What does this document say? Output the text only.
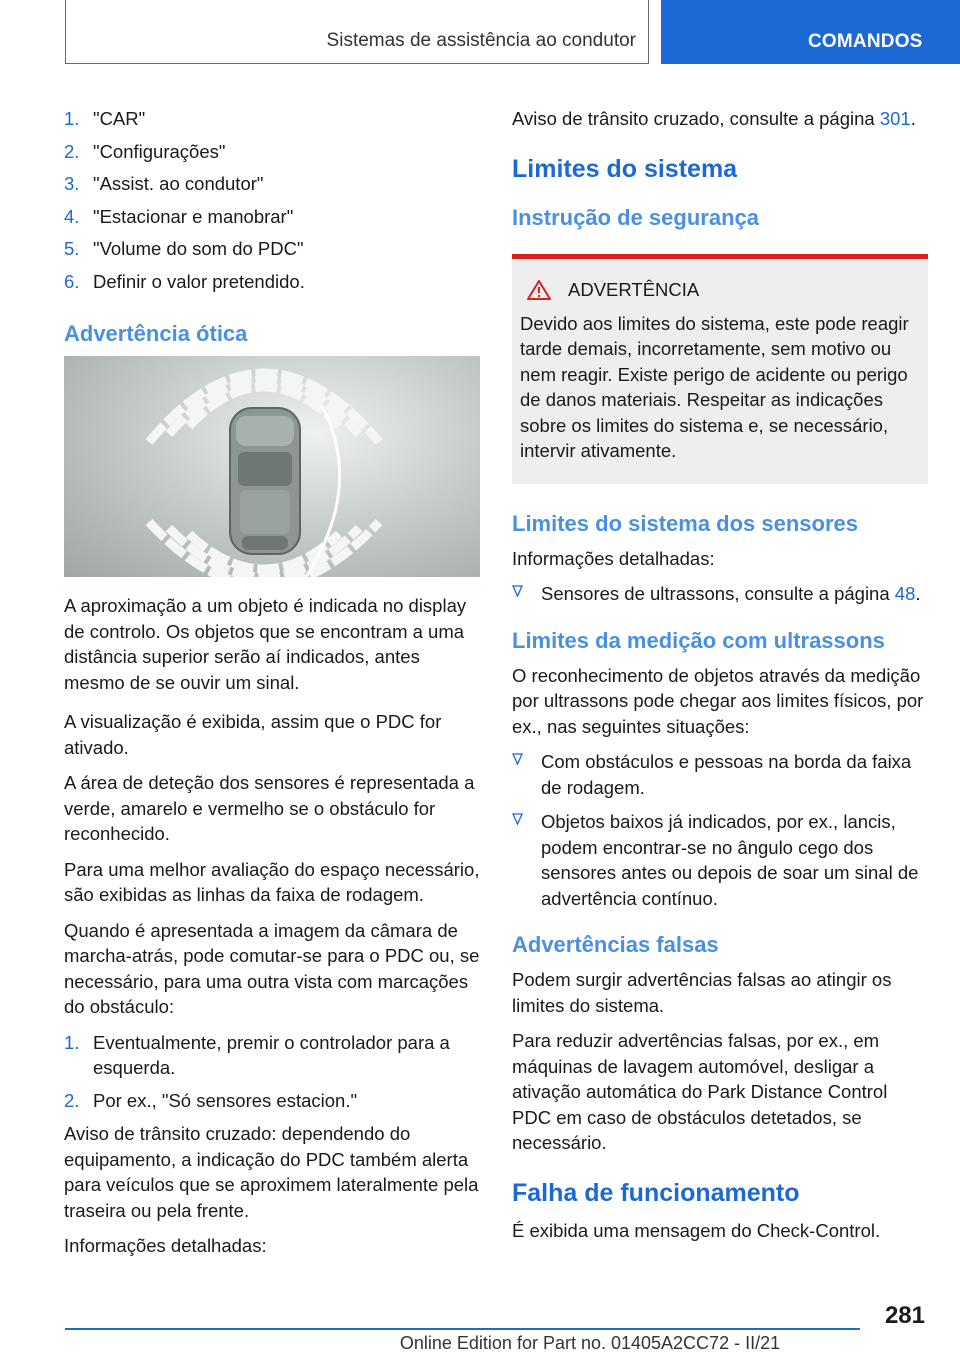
Sistemas de assistência ao condutor	COMANDOS
1. "CAR"
2. "Configurações"
3. "Assist. ao condutor"
4. "Estacionar e manobrar"
5. "Volume do som do PDC"
6. Definir o valor pretendido.
Advertência ótica

A aproximação a um objeto é indicada no display de controlo. Os objetos que se encontram a uma distância superior serão aí indicados, antes mesmo de se ouvir um sinal.

A visualização é exibida, assim que o PDC for ativado.

A área de deteção dos sensores é representada a verde, amarelo e vermelho se o obstáculo for reconhecido.

Para uma melhor avaliação do espaço necessário, são exibidas as linhas da faixa de rodagem.

Quando é apresentada a imagem da câmara de marcha-atrás, pode comutar-se para o PDC ou, se necessário, para uma outra vista com marcações do obstáculo:

1. Eventualmente, premir o controlador para a esquerda.
2. Por ex., "Só sensores estacion."

Aviso de trânsito cruzado: dependendo do equipamento, a indicação do PDC também alerta para veículos que se aproximem lateralmente pela traseira ou pela frente.

Informações detalhadas:

Aviso de trânsito cruzado, consulte a página 301.

Limites do sistema
Instrução de segurança
ADVERTÊNCIA

Devido aos limites do sistema, este pode reagir tarde demais, incorretamente, sem motivo ou nem reagir. Existe perigo de acidente ou perigo de danos materiais. Respeitar as indicações sobre os limites do sistema e, se necessário, intervir ativamente.

Limites do sistema dos sensores

Informações detalhadas:

Sensores de ultrassons, consulte a página 48.
Limites da medição com ultrassons

O reconhecimento de objetos através da medição por ultrassons pode chegar aos limites físicos, por ex., nas seguintes situações:

Com obstáculos e pessoas na borda da faixa de rodagem.
Objetos baixos já indicados, por ex., lancis, podem encontrar-se no ângulo cego dos sensores antes ou depois de soar um sinal de advertência contínuo.
Advertências falsas

Podem surgir advertências falsas ao atingir os limites do sistema.

Para reduzir advertências falsas, por ex., em máquinas de lavagem automóvel, desligar a ativação automática do Park Distance Control PDC em caso de obstáculos detetados, se necessário.

Falha de funcionamento

É exibida uma mensagem do Check-Control.

281
Online Edition for Part no. 01405A2CC72 - II/21
